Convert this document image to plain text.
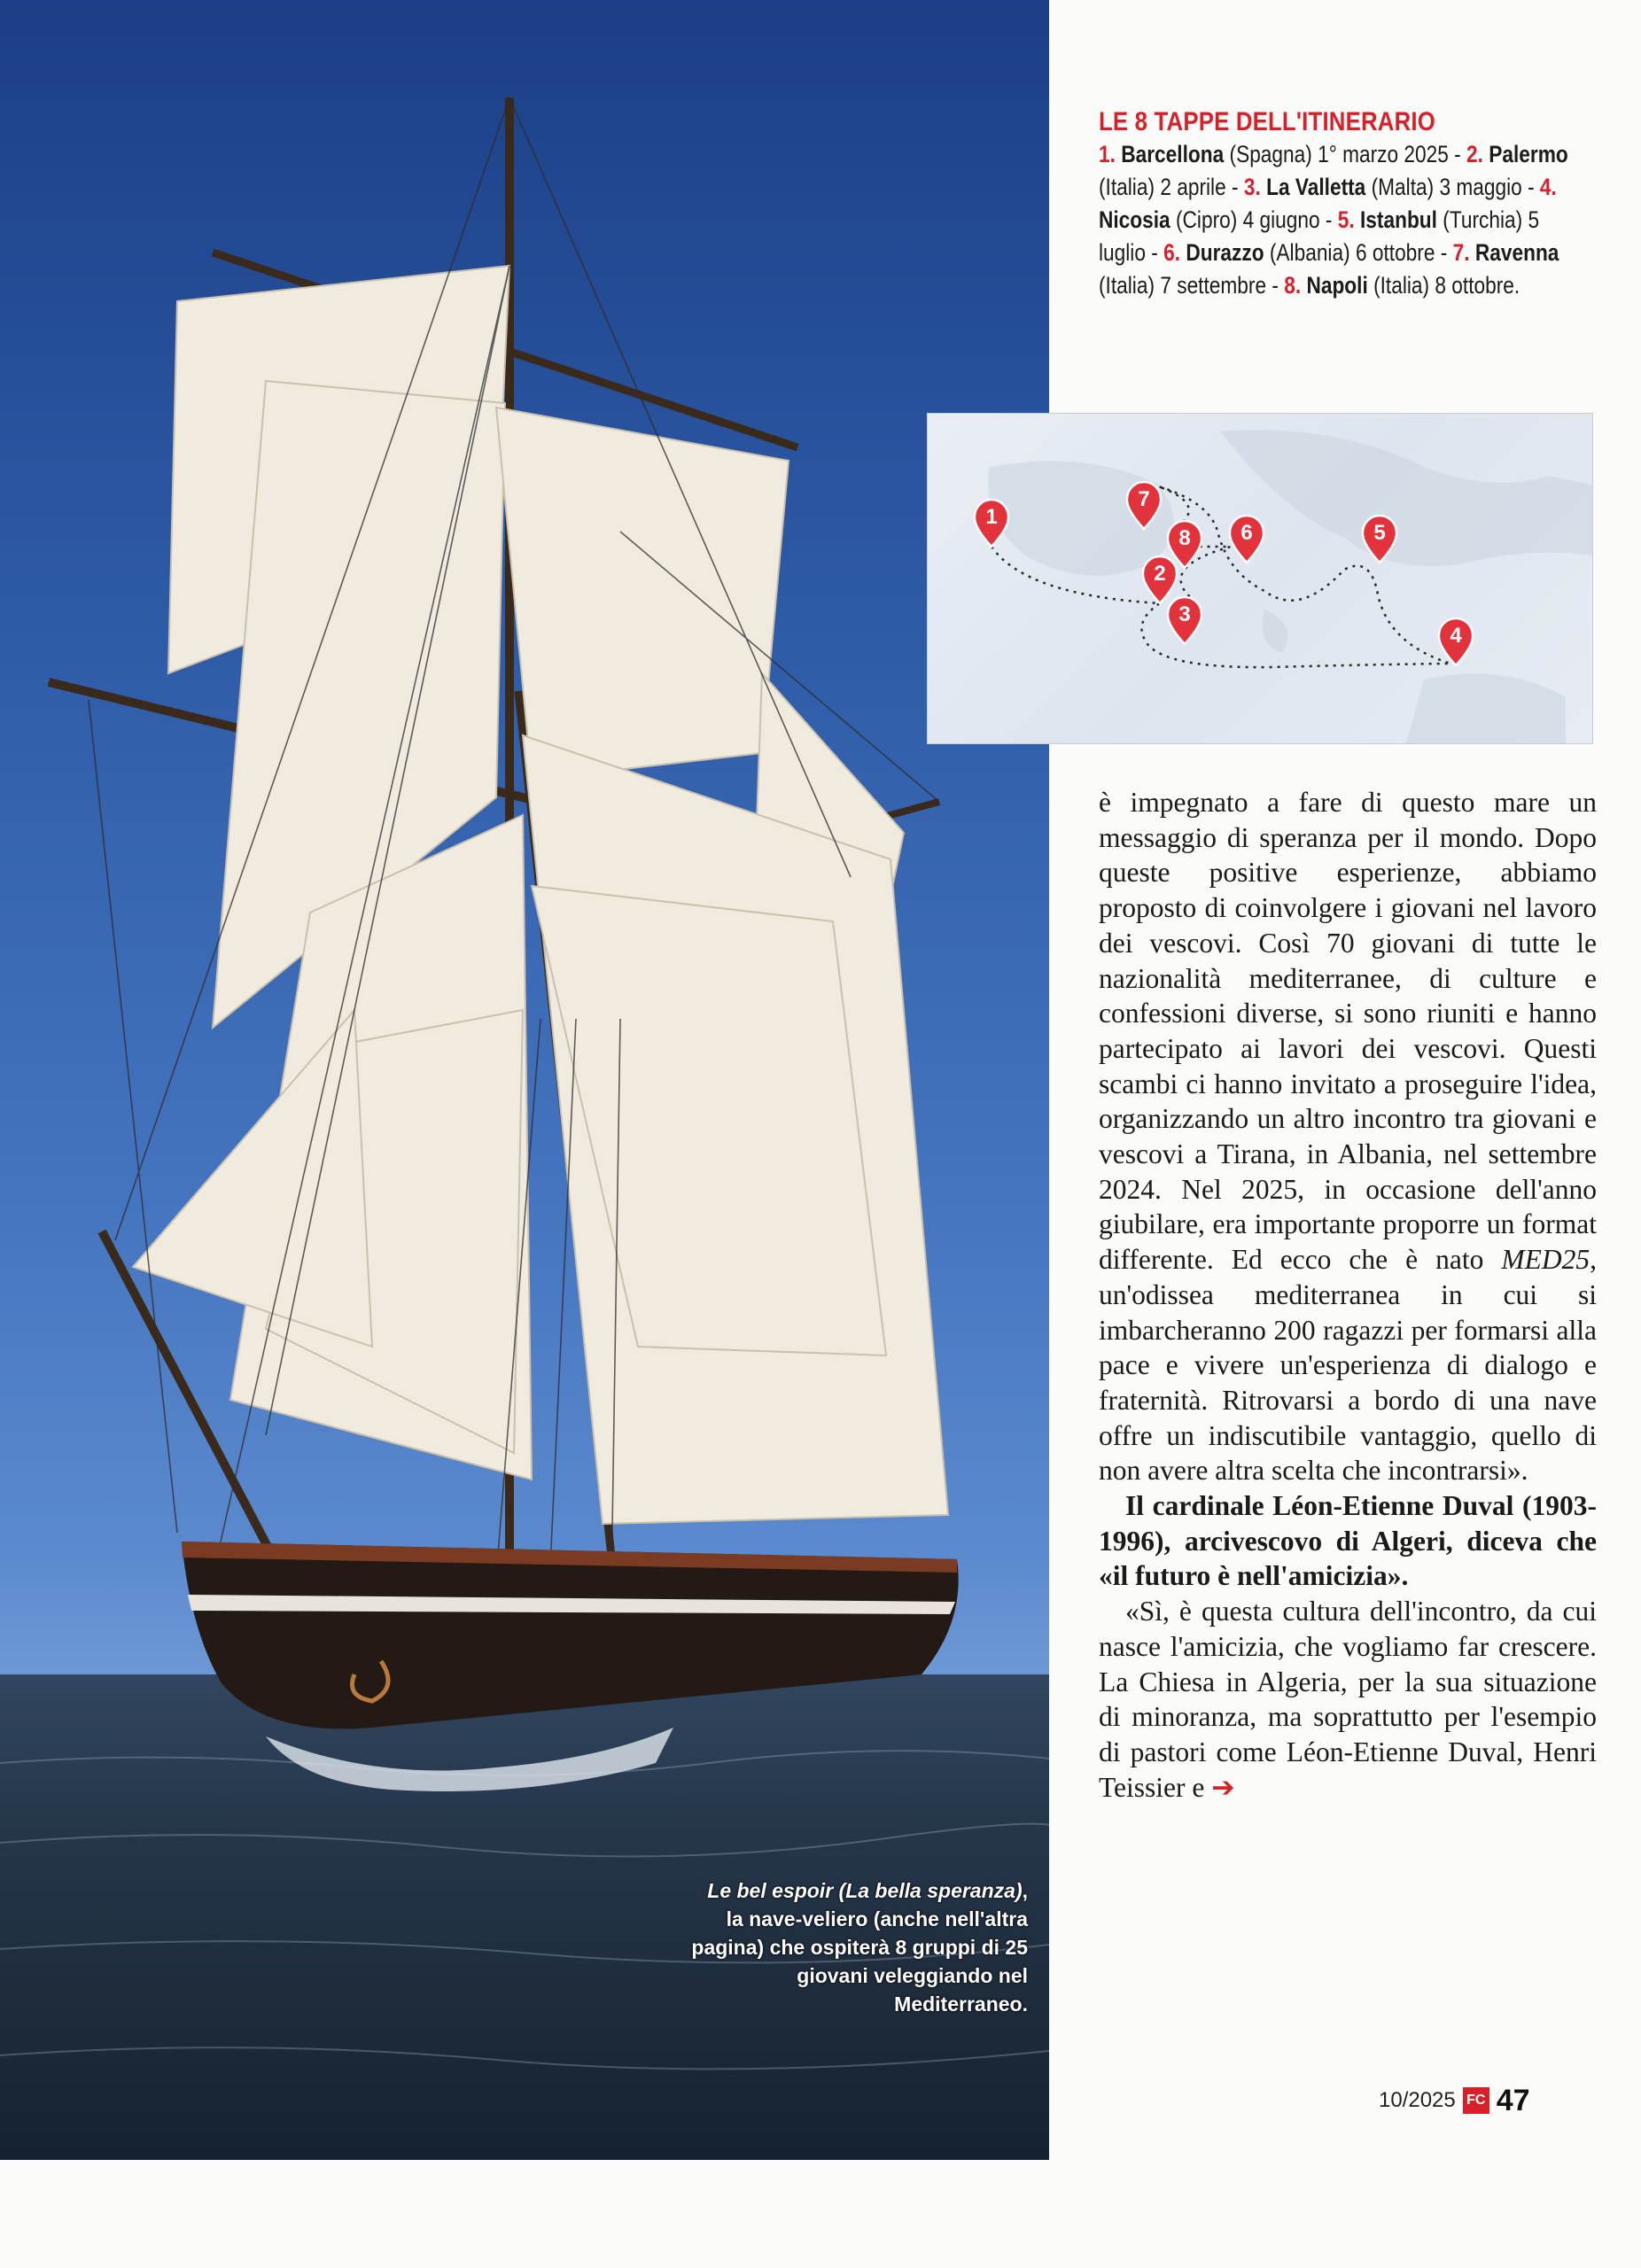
Le bel espoir (La bella speranza), la nave-veliero (anche nell'altra pagina) che ospiterà 8 gruppi di 25 giovani veleggiando nel Mediterraneo.
LE 8 TAPPE DELL'ITINERARIO
1. Barcellona (Spagna) 1° marzo 2025 - 2. Palermo (Italia) 2 aprile - 3. La Valletta (Malta) 3 maggio - 4. Nicosia (Cipro) 4 giugno - 5. Istanbul (Turchia) 5 luglio - 6. Durazzo (Albania) 6 ottobre - 7. Ravenna (Italia) 7 settembre - 8. Napoli (Italia) 8 ottobre.
1
2
3
4
5
6
7
8

è impegnato a fare di questo mare un messaggio di speranza per il mondo. Dopo queste positive esperienze, abbiamo proposto di coinvolgere i giovani nel lavoro dei vescovi. Così 70 giovani di tutte le nazionalità mediterranee, di culture e confessioni diverse, si sono riuniti e hanno partecipato ai lavori dei vescovi. Questi scambi ci hanno invitato a proseguire l'idea, organizzando un altro incontro tra giovani e vescovi a Tirana, in Albania, nel settembre 2024. Nel 2025, in occasione dell'anno giubilare, era importante proporre un format differente. Ed ecco che è nato MED25, un'odissea mediterranea in cui si imbarcheranno 200 ragazzi per formarsi alla pace e vivere un'esperienza di dialogo e fraternità. Ritrovarsi a bordo di una nave offre un indiscutibile vantaggio, quello di non avere altra scelta che incontrarsi».

Il cardinale Léon-Etienne Duval (1903-1996), arcivescovo di Algeri, diceva che «il futuro è nell'amicizia».

«Sì, è questa cultura dell'incontro, da cui nasce l'amicizia, che vogliamo far crescere. La Chiesa in Algeria, per la sua situazione di minoranza, ma soprattutto per l'esempio di pastori come Léon-Etienne Duval, Henri Teissier e ➔

10/2025 FC 47
